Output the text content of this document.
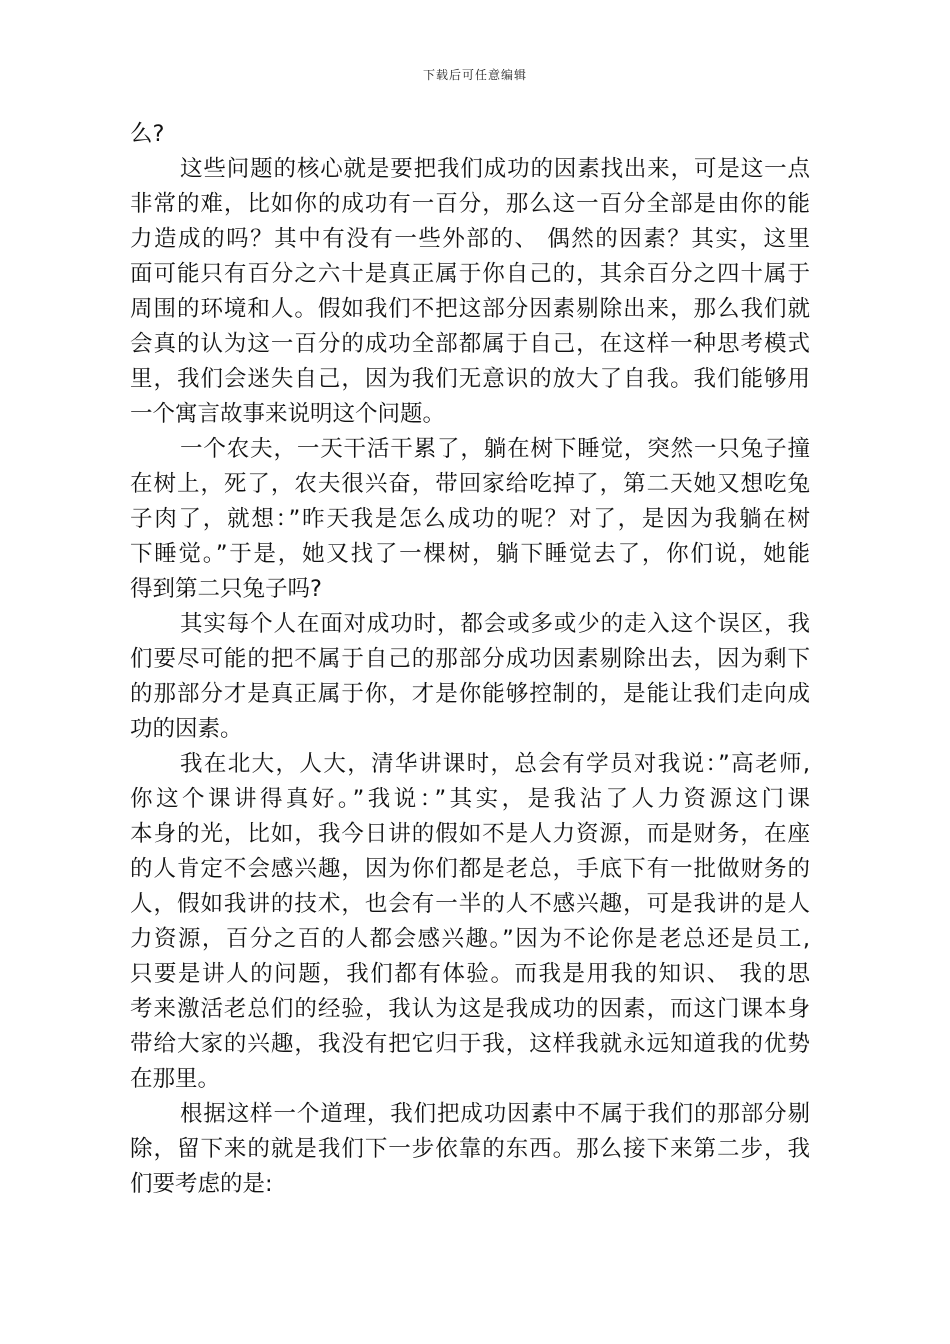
下载后可任意编辑
么?
这些问题的核心就是要把我们成功的因素找出来，可是这一点
非常的难，比如你的成功有一百分，那么这一百分全部是由你的能
力造成的吗？其中有没有一些外部的、 偶然的因素？其实，这里
面可能只有百分之六十是真正属于你自己的，其余百分之四十属于
周围的环境和人。假如我们不把这部分因素剔除出来，那么我们就
会真的认为这一百分的成功全部都属于自己，在这样一种思考模式
里，我们会迷失自己，因为我们无意识的放大了自我。我们能够用
一个寓言故事来说明这个问题。
一个农夫，一天干活干累了，躺在树下睡觉，突然一只兔子撞
在树上，死了，农夫很兴奋，带回家给吃掉了，第二天她又想吃兔
子肉了，就想：”昨天我是怎么成功的呢？对了，是因为我躺在树
下睡觉。”于是，她又找了一棵树，躺下睡觉去了，你们说，她能
得到第二只兔子吗?
其实每个人在面对成功时，都会或多或少的走入这个误区，我
们要尽可能的把不属于自己的那部分成功因素剔除出去，因为剩下
的那部分才是真正属于你，才是你能够控制的，是能让我们走向成
功的因素。
我在北大，人大，清华讲课时，总会有学员对我说：”高老师,
你这个课讲得真好。”我说：”其实，是我沾了人力资源这门课
本身的光，比如，我今日讲的假如不是人力资源，而是财务，在座
的人肯定不会感兴趣，因为你们都是老总，手底下有一批做财务的
人，假如我讲的技术，也会有一半的人不感兴趣，可是我讲的是人
力资源，百分之百的人都会感兴趣。”因为不论你是老总还是员工,
只要是讲人的问题，我们都有体验。而我是用我的知识、 我的思
考来激活老总们的经验，我认为这是我成功的因素，而这门课本身
带给大家的兴趣，我没有把它归于我，这样我就永远知道我的优势
在那里。
根据这样一个道理，我们把成功因素中不属于我们的那部分剔
除，留下来的就是我们下一步依靠的东西。那么接下来第二步，我
们要考虑的是:
